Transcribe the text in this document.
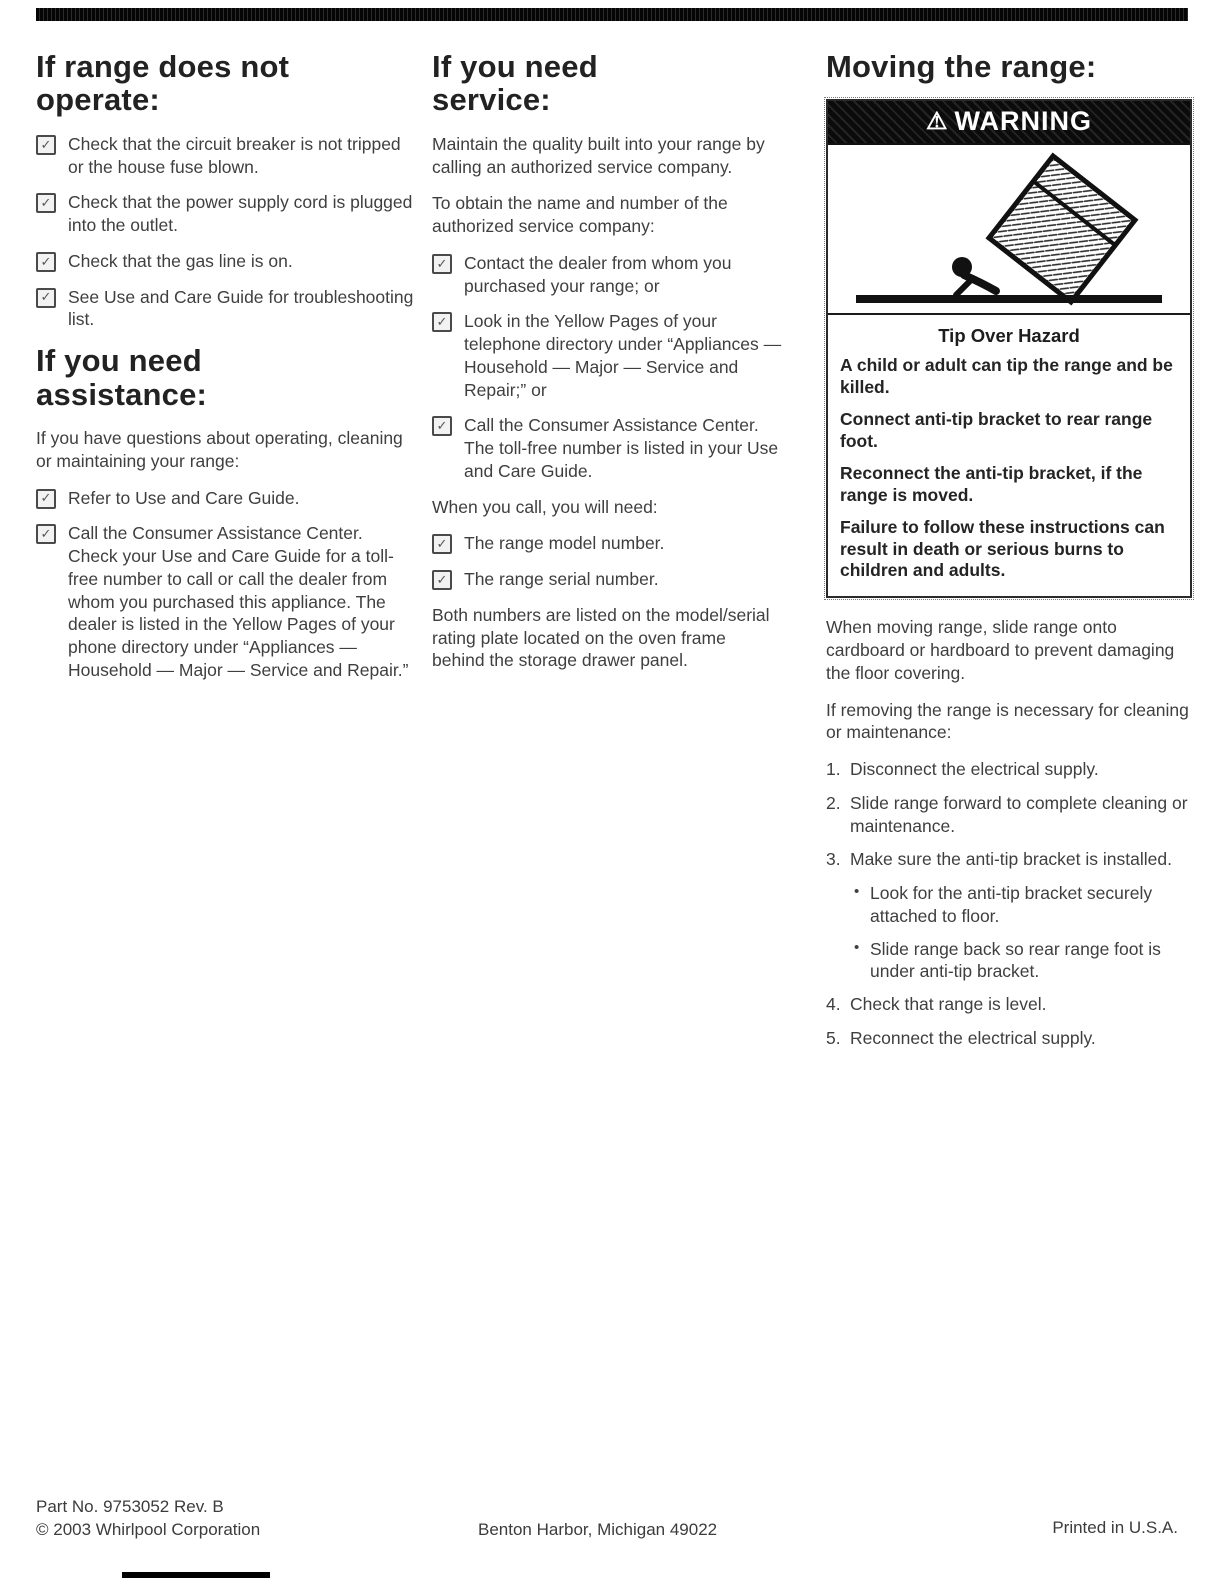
If range does not operate:
✓ Check that the circuit breaker is not tripped or the house fuse blown.
✓ Check that the power supply cord is plugged into the outlet.
✓ Check that the gas line is on.
✓ See Use and Care Guide for troubleshooting list.
If you need assistance:

If you have questions about operating, cleaning or maintaining your range:

✓ Refer to Use and Care Guide.
✓ Call the Consumer Assistance Center. Check your Use and Care Guide for a toll-free number to call or call the dealer from whom you purchased this appliance. The dealer is listed in the Yellow Pages of your phone directory under “Appliances — Household — Major — Service and Repair.”
If you need service:

Maintain the quality built into your range by calling an authorized service company.

To obtain the name and number of the authorized service company:

✓ Contact the dealer from whom you purchased your range; or
✓ Look in the Yellow Pages of your telephone directory under “Appliances — Household — Major — Service and Repair;” or
✓ Call the Consumer Assistance Center. The toll-free number is listed in your Use and Care Guide.

When you call, you will need:

✓ The range model number.
✓ The range serial number.

Both numbers are listed on the model/serial rating plate located on the oven frame behind the storage drawer panel.

Moving the range:
⚠ WARNING
Tip Over Hazard

A child or adult can tip the range and be killed.

Connect anti-tip bracket to rear range foot.

Reconnect the anti-tip bracket, if the range is moved.

Failure to follow these instructions can result in death or serious burns to children and adults.

When moving range, slide range onto cardboard or hardboard to prevent damaging the floor covering.

If removing the range is necessary for cleaning or maintenance:

1. Disconnect the electrical supply.
2. Slide range forward to complete cleaning or maintenance.
3. Make sure the anti-tip bracket is installed.
• Look for the anti-tip bracket securely attached to floor.
• Slide range back so rear range foot is under anti-tip bracket.
4. Check that range is level.
5. Reconnect the electrical supply.
Part No. 9753052 Rev. B
© 2003 Whirlpool Corporation	Benton Harbor, Michigan 49022	Printed in U.S.A.
